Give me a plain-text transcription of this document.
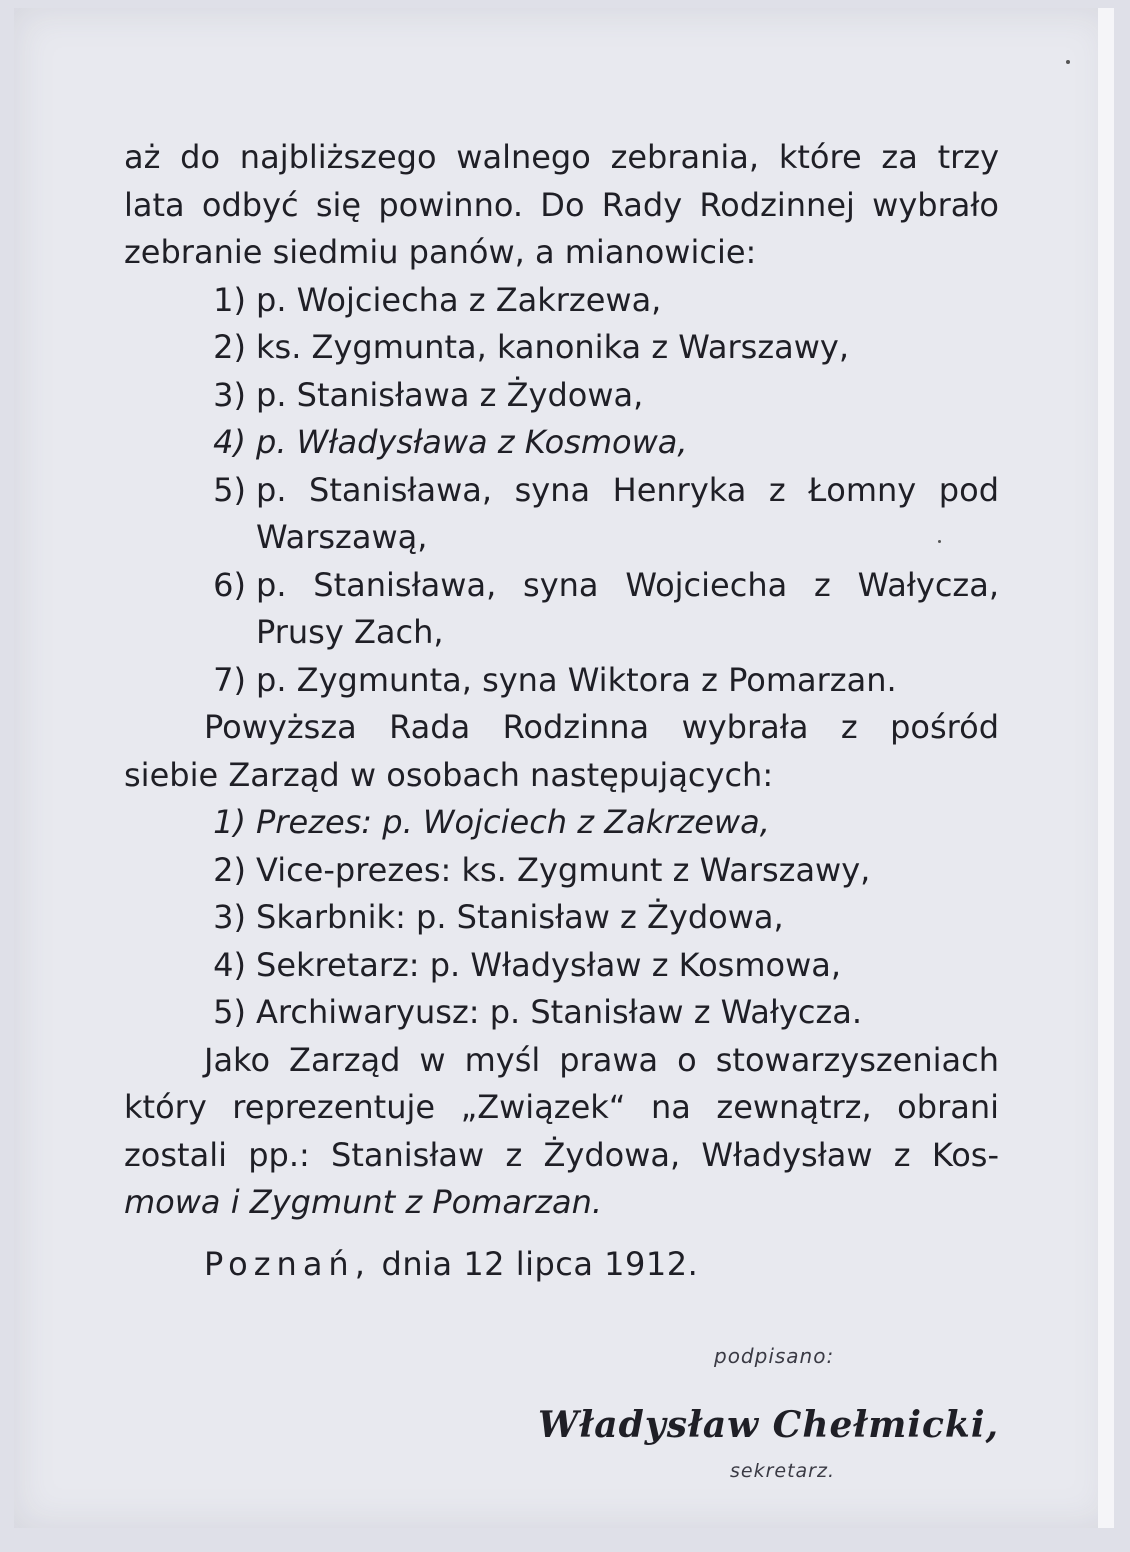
aż do najbliższego walnego zebrania, które za trzy
lata odbyć się powinno. Do Rady Rodzinnej wybrało
zebranie siedmiu panów, a mianowicie:
1) p. Wojciecha z Zakrzewa,
2) ks. Zygmunta, kanonika z Warszawy,
3) p. Stanisława z Żydowa,
4) p. Władysława z Kosmowa,
5) p. Stanisława, syna Henryka z Łomny pod
Warszawą,
6) p. Stanisława, syna Wojciecha z Wałycza,
Prusy Zach,
7) p. Zygmunta, syna Wiktora z Pomarzan.
Powyższa Rada Rodzinna wybrała z pośród
siebie Zarząd w osobach następujących:
1) Prezes: p. Wojciech z Zakrzewa,
2) Vice-prezes: ks. Zygmunt z Warszawy,
3) Skarbnik: p. Stanisław z Żydowa,
4) Sekretarz: p. Władysław z Kosmowa,
5) Archiwaryusz: p. Stanisław z Wałycza.
Jako Zarząd w myśl prawa o stowarzyszeniach
który reprezentuje „Związek“ na zewnątrz, obrani
zostali pp.: Stanisław z Żydowa, Władysław z Kos-
mowa i Zygmunt z Pomarzan.
Poznań, dnia 12 lipca 1912.
podpisano:
Władysław Chełmicki,
sekretarz.
